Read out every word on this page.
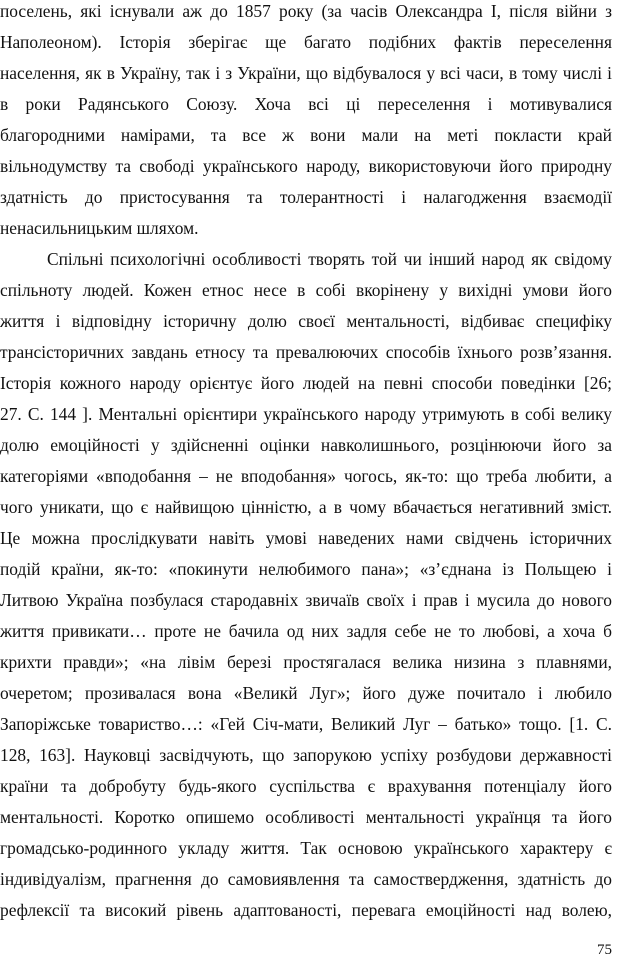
поселень, які існували аж до 1857 року (за часів Олександра І, після війни з
Наполеоном). Історія зберігає ще багато подібних фактів переселення
населення, як в Україну, так і з України, що відбувалося у всі часи, в тому числі і
в роки Радянського Союзу. Хоча всі ці переселення і мотивувалися
благородними намірами, та все ж вони мали на меті покласти край
вільнодумству та свободі українського народу, використовуючи його природну
здатність до пристосування та толерантності і налагодження взаємодії
ненасильницьким шляхом.
Спільні психологічні особливості творять той чи інший народ як свідому
спільноту людей. Кожен етнос несе в собі вкорінену у вихідні умови його
життя і відповідну історичну долю своєї ментальності, відбиває специфіку
трансісторичних завдань етносу та превалюючих способів їхнього розв’язання.
Історія кожного народу орієнтує його людей на певні способи поведінки [26;
27. С. 144 ]. Ментальні орієнтири українського народу утримують в собі велику
долю емоційності у здійсненні оцінки навколишнього, розцінюючи його за
категоріями «вподобання – не вподобання» чогось, як-то: що треба любити, а
чого уникати, що є найвищою цінністю, а в чому вбачається негативний зміст.
Це можна прослідкувати навіть умові наведених нами свідчень історичних
подій країни, як-то: «покинути нелюбимого пана»; «з’єднана із Польщею і
Литвою Україна позбулася стародавніх звичаїв своїх і прав і мусила до нового
життя привикати… проте не бачила од них задля себе не то любові, а хоча б
крихти правди»; «на лівім березі простягалася велика низина з плавнями,
очеретом; прозивалася вона «Великй Луг»; його дуже почитало і любило
Запоріжське товариство…: «Гей Січ-мати, Великий Луг – батько» тощо. [1. С.
128, 163]. Науковці засвідчують, що запорукою успіху розбудови державності
країни та добробуту будь-якого суспільства є врахування потенціалу його
ментальності. Коротко опишемо особливості ментальності українця та його
громадсько-родинного укладу життя. Так основою українського характеру є
індивідуалізм, прагнення до самовиявлення та самоствердження, здатність до
рефлексії та високий рівень адаптованості, перевага емоційності над волею,
75
